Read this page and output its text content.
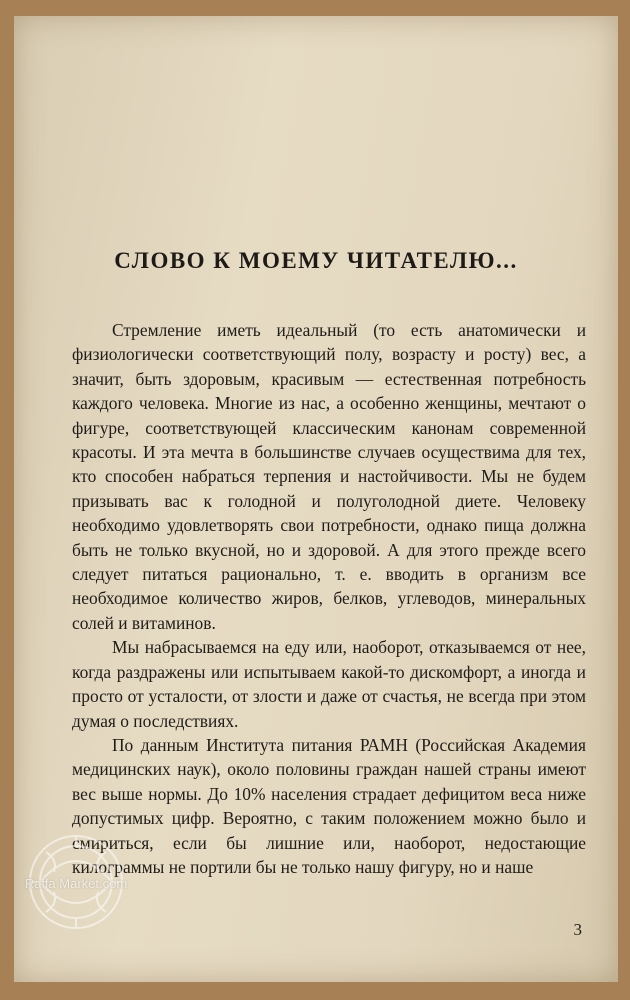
СЛОВО К МОЕМУ ЧИТАТЕЛЮ...

Стремление иметь идеальный (то есть анатомически и физиологически соответствующий полу, возрасту и росту) вес, а значит, быть здоровым, красивым — естественная потребность каждого человека. Многие из нас, а особенно женщины, мечтают о фигуре, соответствующей классическим канонам современной красоты. И эта мечта в большинстве случаев осуществима для тех, кто способен набраться терпения и настойчивости. Мы не будем призывать вас к голодной и полуголодной диете. Человеку необходимо удовлетворять свои потребности, однако пища должна быть не только вкусной, но и здоровой. А для этого прежде всего следует питаться рационально, т. е. вводить в организм все необходимое количество жиров, белков, углеводов, минеральных солей и витаминов.

Мы набрасываемся на еду или, наоборот, отказываемся от нее, когда раздражены или испытываем какой-то дискомфорт, а иногда и просто от усталости, от злости и даже от счастья, не всегда при этом думая о последствиях.

По данным Института питания РАМН (Российская Академия медицинских наук), около половины граждан нашей страны имеют вес выше нормы. До 10% населения страдает дефицитом веса ниже допустимых цифр. Вероятно, с таким положением можно было и смириться, если бы лишние или, наоборот, недостающие килограммы не портили бы не только нашу фигуру, но и наше

3
Raffa Market.com
